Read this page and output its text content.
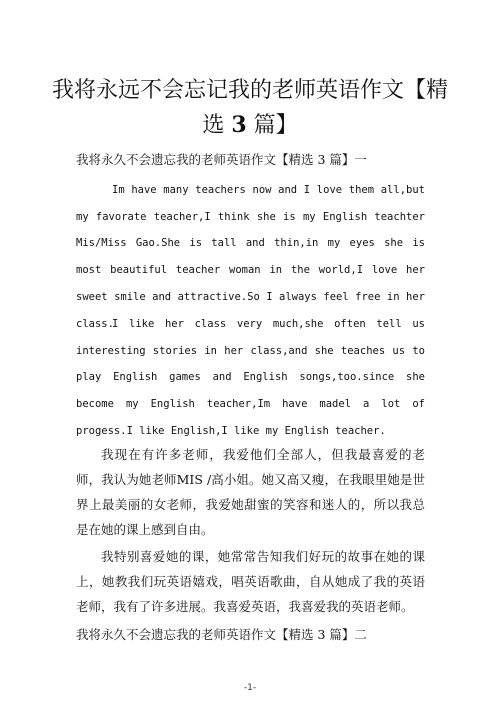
我将永远不会忘记我的老师英语作文【精
选 3 篇】
我将永久不会遗忘我的老师英语作文【精选 3 篇】一

Im have many teachers now and I love them all,but my favorate teacher,I think she is my English teachter Mis/Miss Gao.She is tall and thin,in my eyes she is most beautiful teacher woman in the world,I love her sweet smile and attractive.So I always feel free in her class.

I like her class very much,she often tell us interesting stories in her class,and she teaches us to play English games and English songs,too.since she become my English teacher,Im have madel a lot of progess.I like English,I like my English teacher.

我现在有许多老师，我爱他们全部人，但我最喜爱的老师，我认为她老师MIS /高小姐。她又高又瘦，在我眼里她是世界上最美丽的女老师，我爱她甜蜜的笑容和迷人的，所以我总是在她的课上感到自由。

我特别喜爱她的课，她常常告知我们好玩的故事在她的课上，她教我们玩英语嬉戏，唱英语歌曲，自从她成了我的英语老师，我有了许多进展。我喜爱英语，我喜爱我的英语老师。

我将永久不会遗忘我的老师英语作文【精选 3 篇】二
-1-
